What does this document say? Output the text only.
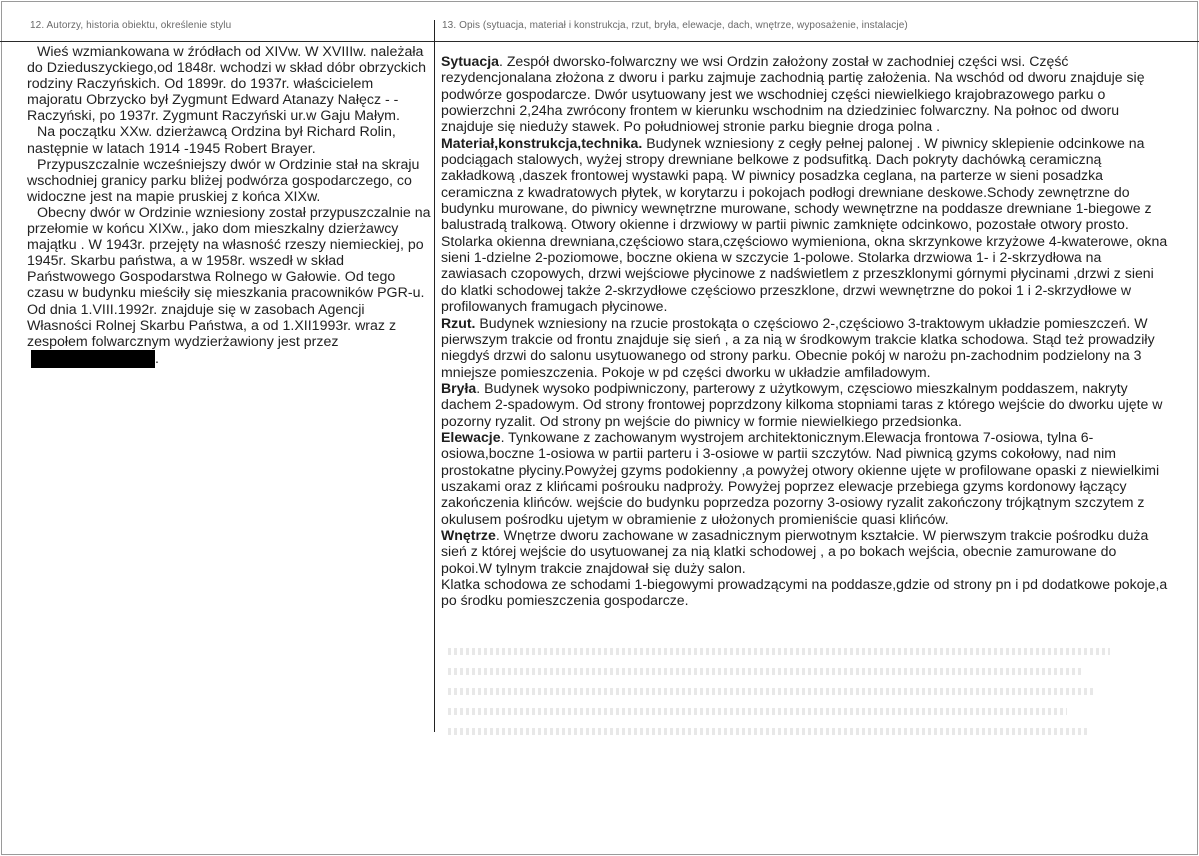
12. Autorzy, historia obiektu, określenie stylu	13. Opis (sytuacja, materiał i konstrukcja, rzut, bryła, elewacje, dach, wnętrze, wyposażenie, instalacje)

Wieś wzmiankowana w źródłach od XIVw. W XVIIIw. należała do Dzieduszyckiego,od 1848r. wchodzi w skład dóbr obrzyckich rodziny Raczyńskich. Od 1899r. do 1937r. właścicielem majoratu Obrzycko był Zygmunt Edward Atanazy Nałęcz - -Raczyński, po 1937r. Zygmunt Raczyński ur.w Gaju Małym.

Na początku XXw. dzierżawcą Ordzina był Richard Rolin, następnie w latach 1914 -1945 Robert Brayer.

Przypuszczalnie wcześniejszy dwór w Ordzinie stał na skraju wschodniej granicy parku bliżej podwórza gospodarczego, co widoczne jest na mapie pruskiej z końca XIXw.

Obecny dwór w Ordzinie wzniesiony został przypuszczalnie na przełomie w końcu XIXw., jako dom mieszkalny dzierżawcy majątku . W 1943r. przejęty na własność rzeszy niemieckiej, po 1945r. Skarbu państwa, a w 1958r. wszedł w skład Państwowego Gospodarstwa Rolnego w Gałowie. Od tego czasu w budynku mieściły się mieszkania pracowników PGR-u.

Od dnia 1.VIII.1992r. znajduje się w zasobach Agencji Własności Rolnej Skarbu Państwa, a od 1.XII1993r. wraz z zespołem folwarcznym wydzierżawiony jest przez.

Sytuacja. Zespół dworsko-folwarczny we wsi Ordzin założony został w zachodniej części wsi. Część rezydencjonalana złożona z dworu i parku zajmuje zachodnią partię założenia. Na wschód od dworu znajduje się podwórze gospodarcze. Dwór usytuowany jest we wschodniej części niewielkiego krajobrazowego parku o powierzchni 2,24ha zwrócony frontem w kierunku wschodnim na dziedziniec folwarczny. Na połnoc od dworu znajduje się nieduży stawek. Po południowej stronie parku biegnie droga polna .

Materiał,konstrukcja,technika. Budynek wzniesiony z cegły pełnej palonej . W piwnicy sklepienie odcinkowe na podciągach stalowych, wyżej stropy drewniane belkowe z podsufitką. Dach pokryty dachówką ceramiczną zakładkową ,daszek frontowej wystawki papą. W piwnicy posadzka ceglana, na parterze w sieni posadzka ceramiczna z kwadratowych płytek, w korytarzu i pokojach podłogi drewniane deskowe.Schody zewnętrzne do budynku murowane, do piwnicy wewnętrzne murowane, schody wewnętrzne na poddasze drewniane 1-biegowe z balustradą tralkową. Otwory okienne i drzwiowy w partii piwnic zamknięte odcinkowo, pozostałe otwory prosto. Stolarka okienna drewniana,częściowo stara,częściowo wymieniona, okna skrzynkowe krzyżowe 4-kwaterowe, okna sieni 1-dzielne 2-poziomowe, boczne okiena w szczycie 1-polowe. Stolarka drzwiowa 1- i 2-skrzydłowa na zawiasach czopowych, drzwi wejściowe płycinowe z nadświetlem z przeszklonymi górnymi płycinami ,drzwi z sieni do klatki schodowej także 2-skrzydłowe częściowo przeszklone, drzwi wewnętrzne do pokoi 1 i 2-skrzydłowe w profilowanych framugach płycinowe.

Rzut. Budynek wzniesiony na rzucie prostokąta o częściowo 2-,częściowo 3-traktowym układzie pomieszczeń. W pierwszym trakcie od frontu znajduje się sień , a za nią w środkowym trakcie klatka schodowa. Stąd też prowadziły niegdyś drzwi do salonu usytuowanego od strony parku. Obecnie pokój w narożu pn-zachodnim podzielony na 3 mniejsze pomieszczenia. Pokoje w pd części dworku w układzie amfiladowym.

Bryła. Budynek wysoko podpiwniczony, parterowy z użytkowym, częsciowo mieszkalnym poddaszem, nakryty dachem 2-spadowym. Od strony frontowej poprzdzony kilkoma stopniami taras z którego wejście do dworku ujęte w pozorny ryzalit. Od strony pn wejście do piwnicy w formie niewielkiego przedsionka.

Elewacje. Tynkowane z zachowanym wystrojem architektonicznym.Elewacja frontowa 7-osiowa, tylna 6-osiowa,boczne 1-osiowa w partii parteru i 3-osiowe w partii szczytów. Nad piwnicą gzyms cokołowy, nad nim prostokatne płyciny.Powyżej gzyms podokienny ,a powyżej otwory okienne ujęte w profilowane opaski z niewielkimi uszakami oraz z klińcami pośrouku nadprożу. Powyżej poprzez elewacje przebiega gzyms kordonowy łączący zakończenia klińców. wejście do budynku poprzedza pozorny 3-osiowy ryzalit zakończony trójkątnym szczytem z okulusem pośrodku ujetym w obramienie z ułożonych promieniście quasi klińców.

Wnętrze. Wnętrze dworu zachowane w zasadnicznym pierwotnym kształcie. W pierwszym trakcie pośrodku duża sień z której wejście do usytuowanej za nią klatki schodowej , a po bokach wejścia, obecnie zamurowane do pokoi.W tylnym trakcie znajdował się duży salon.

Klatka schodowa ze schodami 1-biegowymi prowadzącymi na poddasze,gdzie od strony pn i pd dodatkowe pokoje,a po środku pomieszczenia gospodarcze.
